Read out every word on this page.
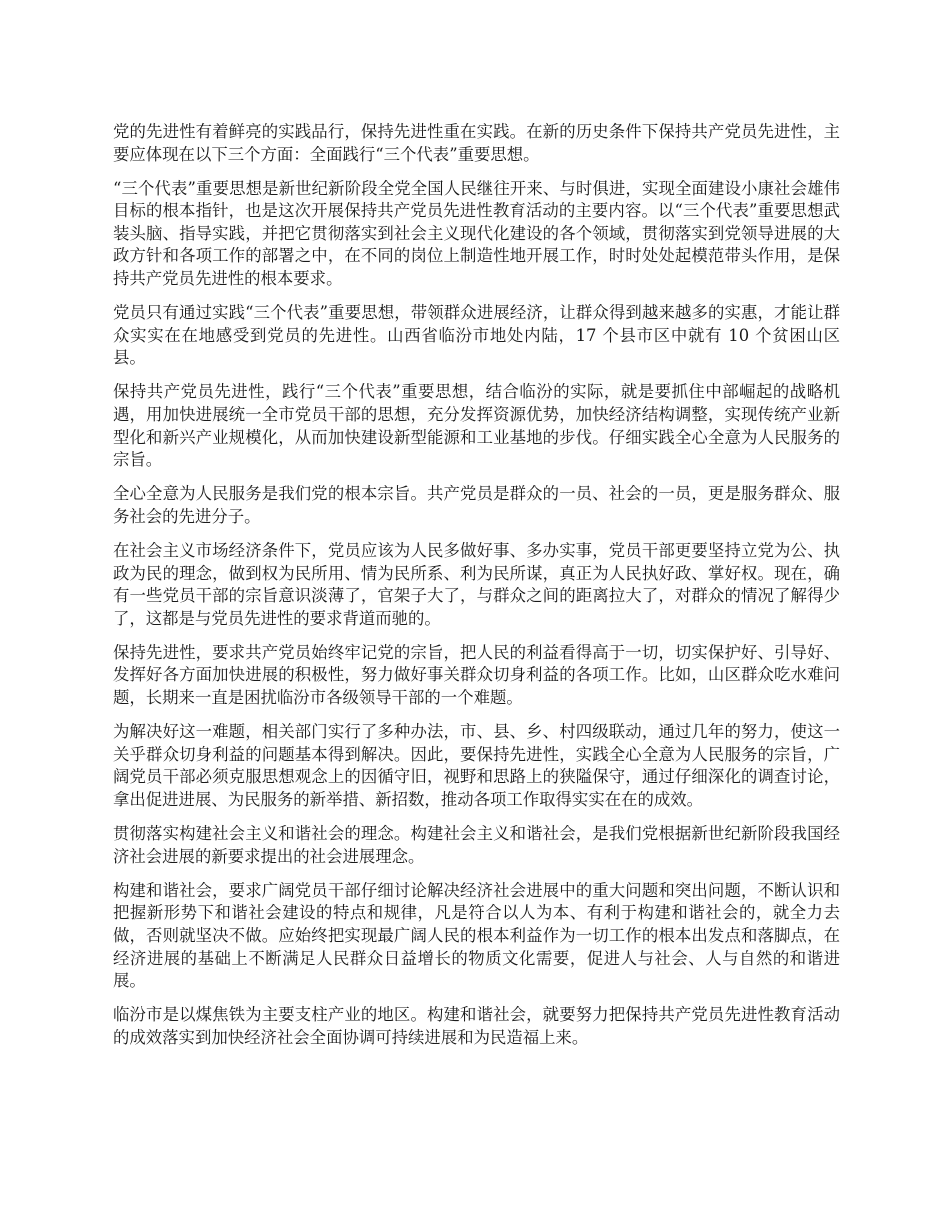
党的先进性有着鲜亮的实践品行，保持先进性重在实践。在新的历史条件下保持共产党员先进性，主要应体现在以下三个方面：全面践行“三个代表”重要思想。

“三个代表”重要思想是新世纪新阶段全党全国人民继往开来、与时俱进，实现全面建设小康社会雄伟目标的根本指针，也是这次开展保持共产党员先进性教育活动的主要内容。以“三个代表”重要思想武装头脑、指导实践，并把它贯彻落实到社会主义现代化建设的各个领域，贯彻落实到党领导进展的大政方针和各项工作的部署之中，在不同的岗位上制造性地开展工作，时时处处起模范带头作用，是保持共产党员先进性的根本要求。

党员只有通过实践“三个代表”重要思想，带领群众进展经济，让群众得到越来越多的实惠，才能让群众实实在在地感受到党员的先进性。山西省临汾市地处内陆，17 个县市区中就有 10 个贫困山区县。

保持共产党员先进性，践行“三个代表”重要思想，结合临汾的实际，就是要抓住中部崛起的战略机遇，用加快进展统一全市党员干部的思想，充分发挥资源优势，加快经济结构调整，实现传统产业新型化和新兴产业规模化，从而加快建设新型能源和工业基地的步伐。仔细实践全心全意为人民服务的宗旨。

全心全意为人民服务是我们党的根本宗旨。共产党员是群众的一员、社会的一员，更是服务群众、服务社会的先进分子。

在社会主义市场经济条件下，党员应该为人民多做好事、多办实事，党员干部更要坚持立党为公、执政为民的理念，做到权为民所用、情为民所系、利为民所谋，真正为人民执好政、掌好权。现在，确有一些党员干部的宗旨意识淡薄了，官架子大了，与群众之间的距离拉大了，对群众的情况了解得少了，这都是与党员先进性的要求背道而驰的。

保持先进性，要求共产党员始终牢记党的宗旨，把人民的利益看得高于一切，切实保护好、引导好、发挥好各方面加快进展的积极性，努力做好事关群众切身利益的各项工作。比如，山区群众吃水难问题，长期来一直是困扰临汾市各级领导干部的一个难题。

为解决好这一难题，相关部门实行了多种办法，市、县、乡、村四级联动，通过几年的努力，使这一关乎群众切身利益的问题基本得到解决。因此，要保持先进性，实践全心全意为人民服务的宗旨，广阔党员干部必须克服思想观念上的因循守旧，视野和思路上的狭隘保守，通过仔细深化的调查讨论，拿出促进进展、为民服务的新举措、新招数，推动各项工作取得实实在在的成效。

贯彻落实构建社会主义和谐社会的理念。构建社会主义和谐社会，是我们党根据新世纪新阶段我国经济社会进展的新要求提出的社会进展理念。

构建和谐社会，要求广阔党员干部仔细讨论解决经济社会进展中的重大问题和突出问题，不断认识和把握新形势下和谐社会建设的特点和规律，凡是符合以人为本、有利于构建和谐社会的，就全力去做，否则就坚决不做。应始终把实现最广阔人民的根本利益作为一切工作的根本出发点和落脚点，在经济进展的基础上不断满足人民群众日益增长的物质文化需要，促进人与社会、人与自然的和谐进展。

临汾市是以煤焦铁为主要支柱产业的地区。构建和谐社会，就要努力把保持共产党员先进性教育活动的成效落实到加快经济社会全面协调可持续进展和为民造福上来。
